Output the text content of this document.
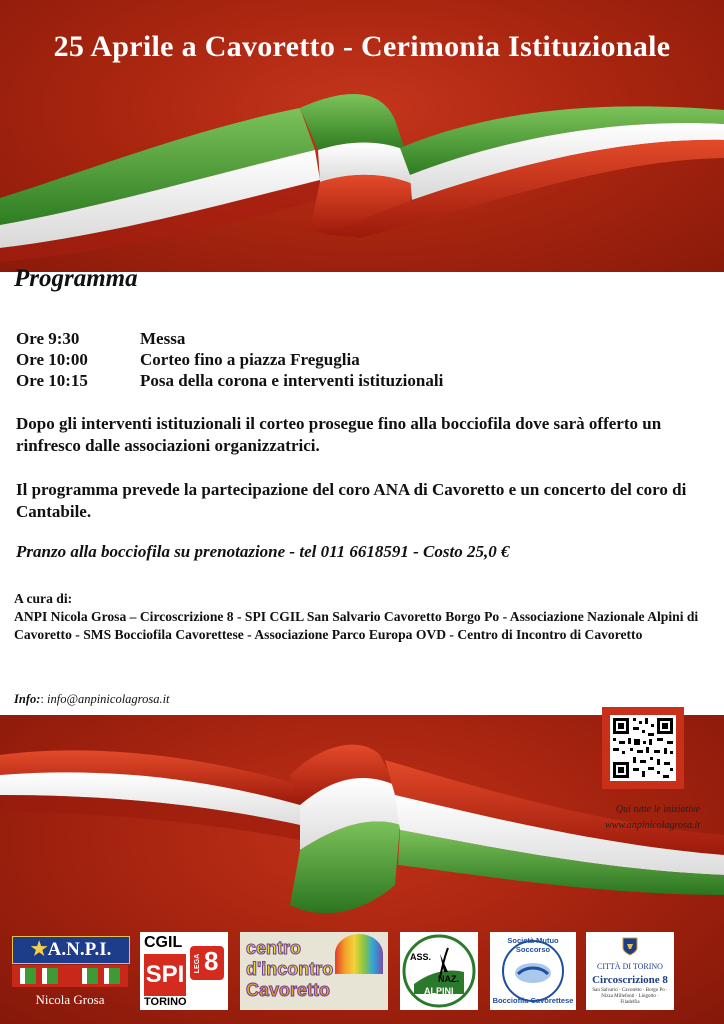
25 Aprile a Cavoretto - Cerimonia Istituzionale
Programma
Ore 9:30	Messa
Ore 10:00	Corteo fino a piazza Freguglia
Ore 10:15	Posa della corona e interventi istituzionali

Dopo gli interventi istituzionali il corteo prosegue fino alla bocciofila dove sarà offerto un rinfresco dalle associazioni organizzatrici.

Il programma prevede la partecipazione del coro ANA di Cavoretto e un concerto del coro di Cantabile.

Pranzo alla bocciofila su prenotazione - tel 011 6618591 - Costo 25,0 €

A cura di:
ANPI Nicola Grosa – Circoscrizione 8 - SPI CGIL San Salvario Cavoretto Borgo Po - Associazione Nazionale Alpini di Cavoretto - SMS Bocciofila Cavorettese - Associazione Parco Europa OVD - Centro di Incontro di Cavoretto
Info:: info@anpinicolagrosa.it
Qui tutte le iniziative
www.anpinicolagrosa.it
★A.N.P.I.
Nicola Grosa
CGIL
SPI LEGA 8
TORINO
centro
d'incontro
Cavoretto
ASS.
NAZ.
ALPINI
Società Mutuo Soccorso
Bocciofila Cavorettese
CITTÀ DI TORINO
Circoscrizione 8
San Salvario · Cavoretto · Borgo Po · Nizza Millefonti · Lingotto · Filadelfia
